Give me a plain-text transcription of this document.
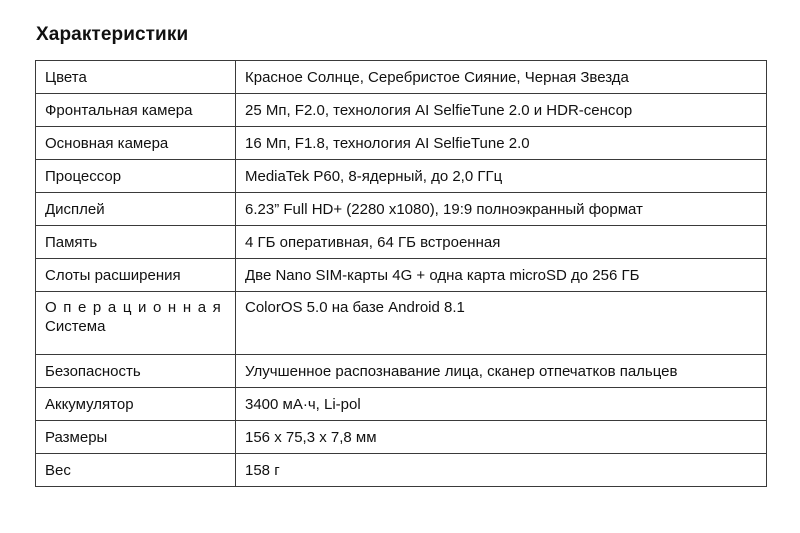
Характеристики
Цвета	Красное Солнце, Серебристое Сияние, Черная Звезда
Фронтальная камера	25 Мп, F2.0, технология AI SelfieTune 2.0 и HDR-сенсор
Основная камера	16 Мп, F1.8, технология AI SelfieTune 2.0
Процессор	MediaTek P60, 8-ядерный, до 2,0 ГГц
Дисплей	6.23” Full HD+ (2280 x1080), 19:9 полноэкранный формат
Память	4 ГБ оперативная, 64 ГБ встроенная
Слоты расширения	Две Nano SIM-карты 4G + одна карта microSD до 256 ГБ

Операционная
Система	ColorOS 5.0 на базе Android 8.1
Безопасность	Улучшенное распознавание лица, сканер отпечатков пальцев
Аккумулятор	3400 мА·ч, Li-pol
Размеры	156 x 75,3 x 7,8 мм
Вес	158 г
